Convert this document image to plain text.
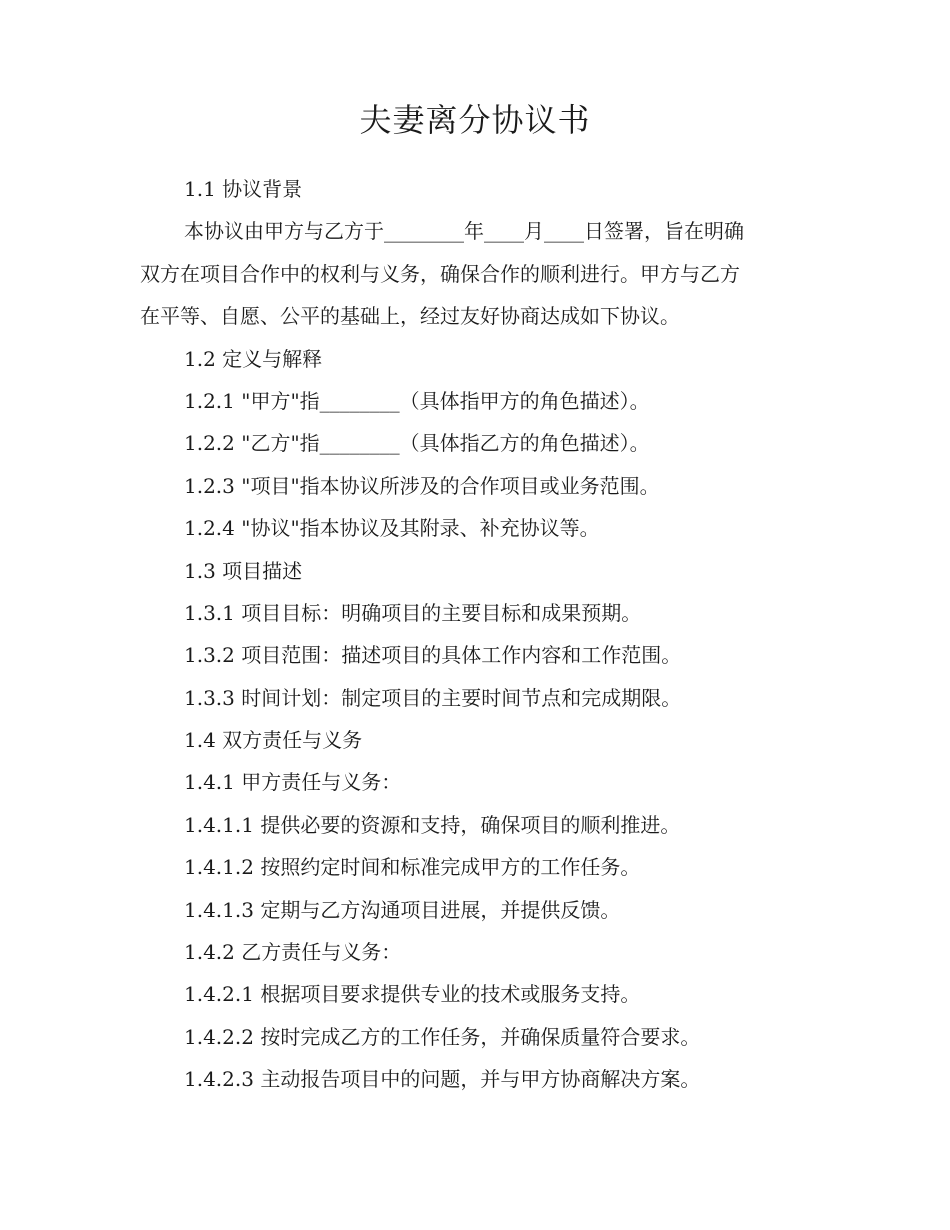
夫妻离分协议书
1.1 协议背景
本协议由甲方与乙方于________年____月____日签署，旨在明确
双方在项目合作中的权利与义务，确保合作的顺利进行。甲方与乙方
在平等、自愿、公平的基础上，经过友好协商达成如下协议。
1.2 定义与解释
1.2.1 "甲方"指________（具体指甲方的角色描述）。
1.2.2 "乙方"指________（具体指乙方的角色描述）。
1.2.3 "项目"指本协议所涉及的合作项目或业务范围。
1.2.4 "协议"指本协议及其附录、补充协议等。
1.3 项目描述
1.3.1 项目目标：明确项目的主要目标和成果预期。
1.3.2 项目范围：描述项目的具体工作内容和工作范围。
1.3.3 时间计划：制定项目的主要时间节点和完成期限。
1.4 双方责任与义务
1.4.1 甲方责任与义务：
1.4.1.1 提供必要的资源和支持，确保项目的顺利推进。
1.4.1.2 按照约定时间和标准完成甲方的工作任务。
1.4.1.3 定期与乙方沟通项目进展，并提供反馈。
1.4.2 乙方责任与义务：
1.4.2.1 根据项目要求提供专业的技术或服务支持。
1.4.2.2 按时完成乙方的工作任务，并确保质量符合要求。
1.4.2.3 主动报告项目中的问题，并与甲方协商解决方案。
